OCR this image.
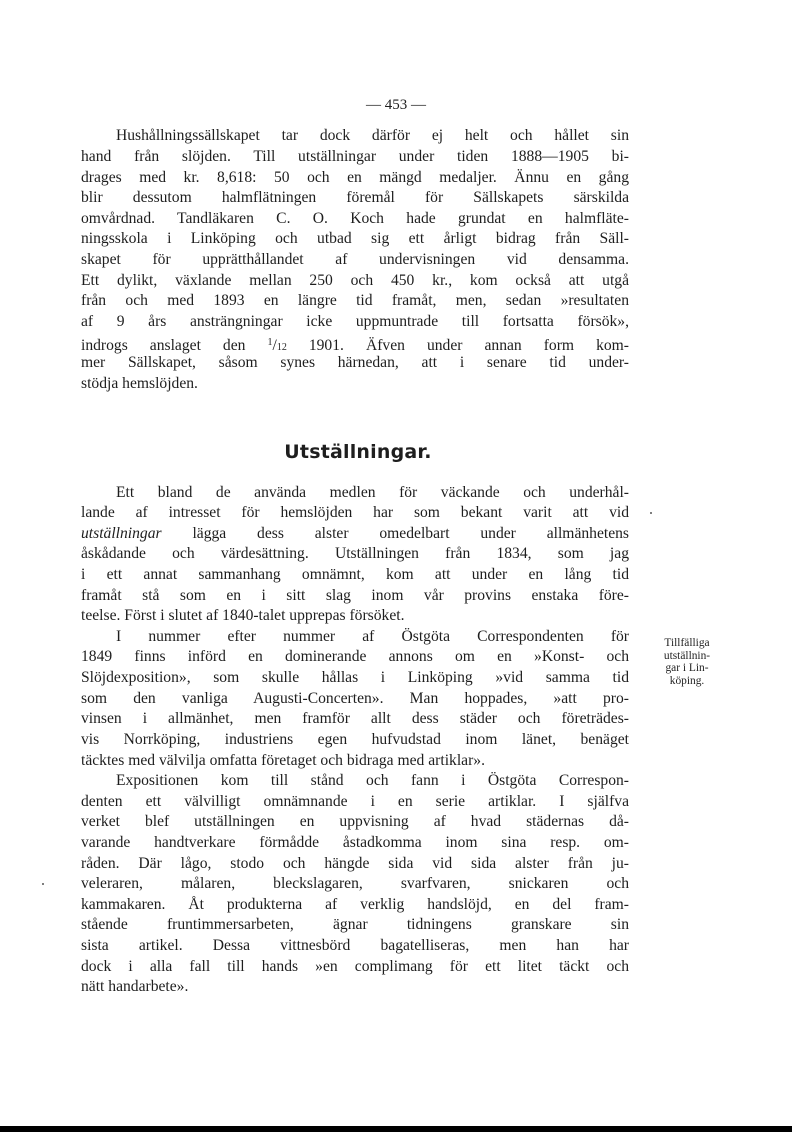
— 453 —
Hushållningssällskapet tar dock därför ej helt och hållet sin
hand från slöjden. Till utställningar under tiden 1888—1905 bi-
drages med kr. 8,618: 50 och en mängd medaljer. Ännu en gång
blir dessutom halmflätningen föremål för Sällskapets särskilda
omvårdnad. Tandläkaren C. O. Koch hade grundat en halmfläte-
ningsskola i Linköping och utbad sig ett årligt bidrag från Säll-
skapet för upprätthållandet af undervisningen vid densamma.
Ett dylikt, växlande mellan 250 och 450 kr., kom också att utgå
från och med 1893 en längre tid framåt, men, sedan »resultaten
af 9 års ansträngningar icke uppmuntrade till fortsatta försök»,
indrogs anslaget den $^1$/12 1901. Äfven under annan form kom-
mer Sällskapet, såsom synes härnedan, att i senare tid under-
stödja hemslöjden.
Utställningar.
Ett bland de använda medlen för väckande och underhål-
lande af intresset för hemslöjden har som bekant varit att vid
utställningar lägga dess alster omedelbart under allmänhetens
åskådande och värdesättning. Utställningen från 1834, som jag
i ett annat sammanhang omnämnt, kom att under en lång tid
framåt stå som en i sitt slag inom vår provins enstaka före-
teelse. Först i slutet af 1840-talet upprepas försöket.
I nummer efter nummer af Östgöta Correspondenten för
1849 finns införd en dominerande annons om en »Konst- och
Slöjdexposition», som skulle hållas i Linköping »vid samma tid
som den vanliga Augusti-Concerten». Man hoppades, »att pro-
vinsen i allmänhet, men framför allt dess städer och företrädes-
vis Norrköping, industriens egen hufvudstad inom länet, benäget
täcktes med välvilja omfatta företaget och bidraga med artiklar».
Expositionen kom till stånd och fann i Östgöta Correspon-
denten ett välvilligt omnämnande i en serie artiklar. I själfva
verket blef utställningen en uppvisning af hvad städernas då-
varande handtverkare förmådde åstadkomma inom sina resp. om-
råden. Där lågo, stodo och hängde sida vid sida alster från ju-
veleraren, målaren, bleckslagaren, svarfvaren, snickaren och
kammakaren. Åt produkterna af verklig handslöjd, en del fram-
stående fruntimmersarbeten, ägnar tidningens granskare sin
sista artikel. Dessa vittnesbörd bagatelliseras, men han har
dock i alla fall till hands »en complimang för ett litet täckt och
nätt handarbete».
Tillfälliga
utställnin-
gar i Lin-
köping.
